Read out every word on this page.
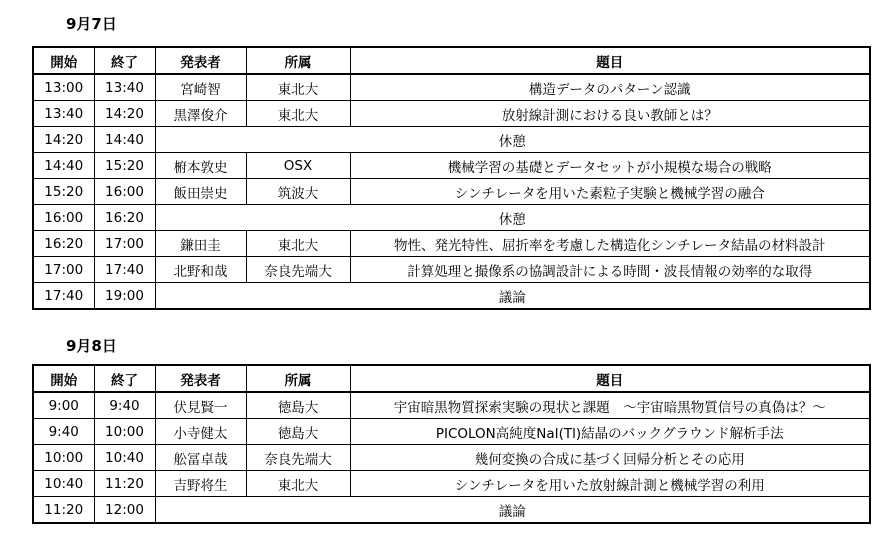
9月7日
開始	終了	発表者	所属	題目
13:00	13:40	宮崎智	東北大	構造データのパターン認識
13:40	14:20	黒澤俊介	東北大	放射線計測における良い教師とは？
14:20	14:40	休憩		
14:40	15:20	椨本敦史	OSX	機械学習の基礎とデータセットが小規模な場合の戦略
15:20	16:00	飯田崇史	筑波大	シンチレータを用いた素粒子実験と機械学習の融合
16:00	16:20	休憩		
16:20	17:00	鎌田圭	東北大	物性、発光特性、屈折率を考慮した構造化シンチレータ結晶の材料設計
17:00	17:40	北野和哉	奈良先端大	計算処理と撮像系の協調設計による時間・波長情報の効率的な取得
17:40	19:00	議論		
9月8日
開始	終了	発表者	所属	題目
9:00	9:40	伏見賢一	徳島大	宇宙暗黒物質探索実験の現状と課題　～宇宙暗黒物質信号の真偽は？～
9:40	10:00	小寺健太	徳島大	PICOLON高純度NaI(Tl)結晶のバックグラウンド解析手法
10:00	10:40	舩冨卓哉	奈良先端大	幾何変換の合成に基づく回帰分析とその応用
10:40	11:20	吉野将生	東北大	シンチレータを用いた放射線計測と機械学習の利用
11:20	12:00	議論		
